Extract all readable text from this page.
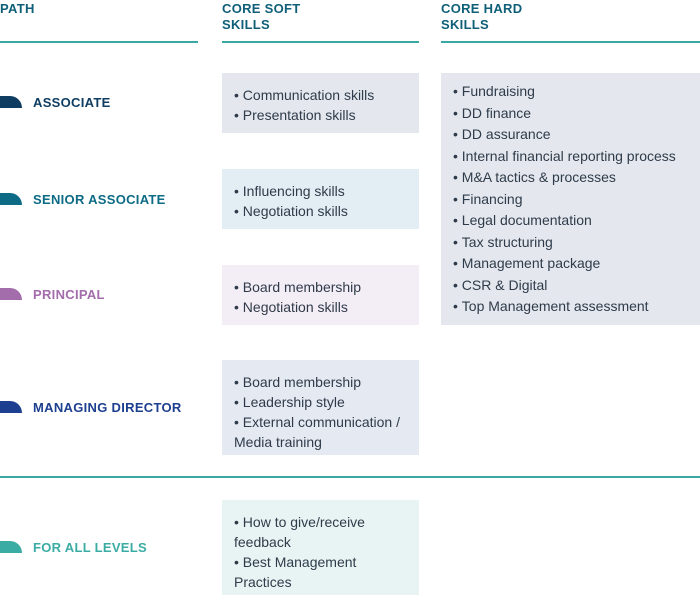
PATH	CORE SOFT
SKILLS
CORE HARD
SKILLS
ASSOCIATE
SENIOR ASSOCIATE
PRINCIPAL
MANAGING DIRECTOR
FOR ALL LEVELS
• Communication skills
• Presentation skills
• Influencing skills
• Negotiation skills
• Board membership
• Negotiation skills
• Board membership
• Leadership style
• External communication / Media training
• How to give/receive feedback
• Best Management Practices
• Fundraising
• DD finance
• DD assurance
• Internal financial reporting process
• M&A tactics & processes
• Financing
• Legal documentation
• Tax structuring
• Management package
• CSR & Digital
• Top Management assessment
